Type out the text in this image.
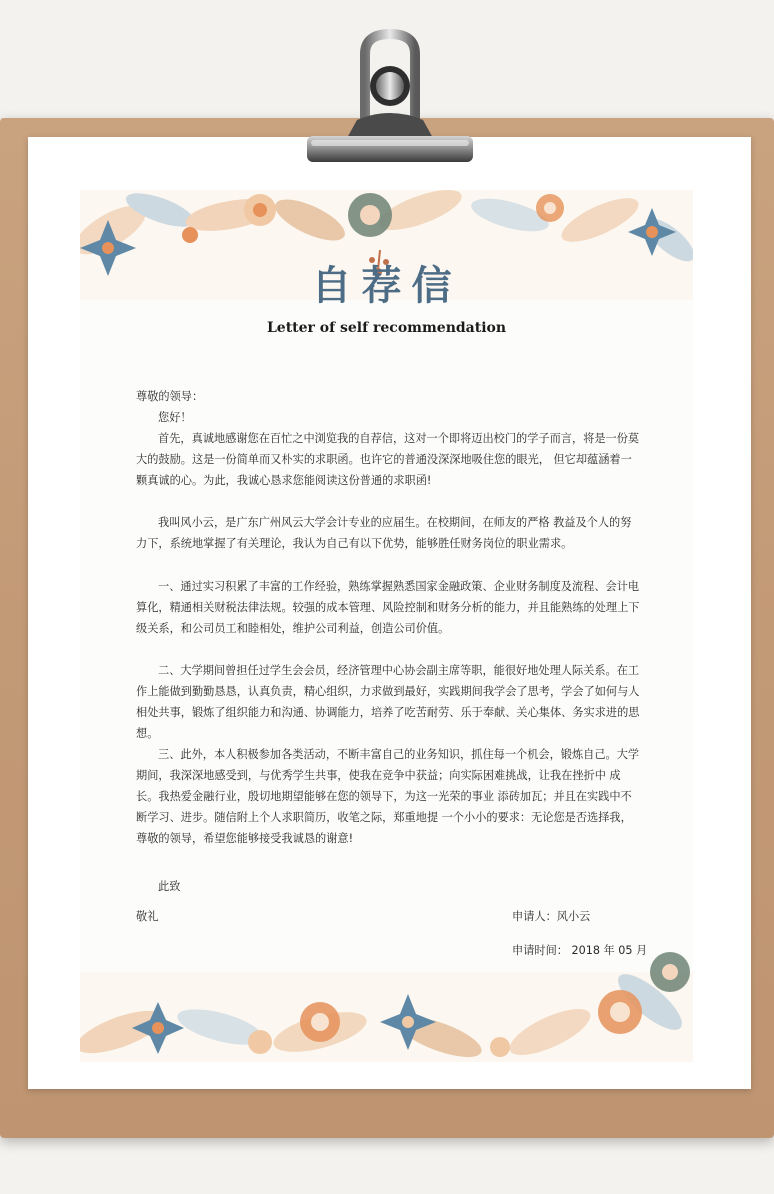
自荐信
Letter of self recommendation

尊敬的领导：

您好！

首先，真诚地感谢您在百忙之中浏览我的自荐信，这对一个即将迈出校门的学子而言，将是一份莫大的鼓励。这是一份简单而又朴实的求职函。也许它的普通没深深地吸住您的眼光， 但它却蕴涵着一颗真诚的心。为此，我诚心恳求您能阅读这份普通的求职函!

我叫风小云，是广东广州风云大学会计专业的应届生。在校期间，在师友的严格 教益及个人的努力下，系统地掌握了有关理论，我认为自己有以下优势，能够胜任财务岗位的职业需求。

一、通过实习积累了丰富的工作经验，熟练掌握熟悉国家金融政策、企业财务制度及流程、会计电算化，精通相关财税法律法规。较强的成本管理、风险控制和财务分析的能力，并且能熟练的处理上下级关系，和公司员工和睦相处，维护公司利益，创造公司价值。

二、大学期间曾担任过学生会会员，经济管理中心协会副主席等职，能很好地处理人际关系。在工作上能做到勤勤恳恳，认真负责，精心组织，力求做到最好，实践期间我学会了思考，学会了如何与人相处共事，锻炼了组织能力和沟通、协调能力，培养了吃苦耐劳、乐于奉献、关心集体、务实求进的思想。

三、此外，本人积极参加各类活动，不断丰富自己的业务知识，抓住每一个机会，锻炼自己。大学期间，我深深地感受到，与优秀学生共事，使我在竞争中获益；向实际困难挑战，让我在挫折中 成长。我热爱金融行业，殷切地期望能够在您的领导下，为这一光荣的事业 添砖加瓦；并且在实践中不断学习、进步。随信附上个人求职简历，收笔之际，郑重地提 一个小小的要求：无论您是否选择我，尊敬的领导，希望您能够接受我诚恳的谢意!

此致

敬礼	申请人：风小云

申请时间： 2018 年 05 月
